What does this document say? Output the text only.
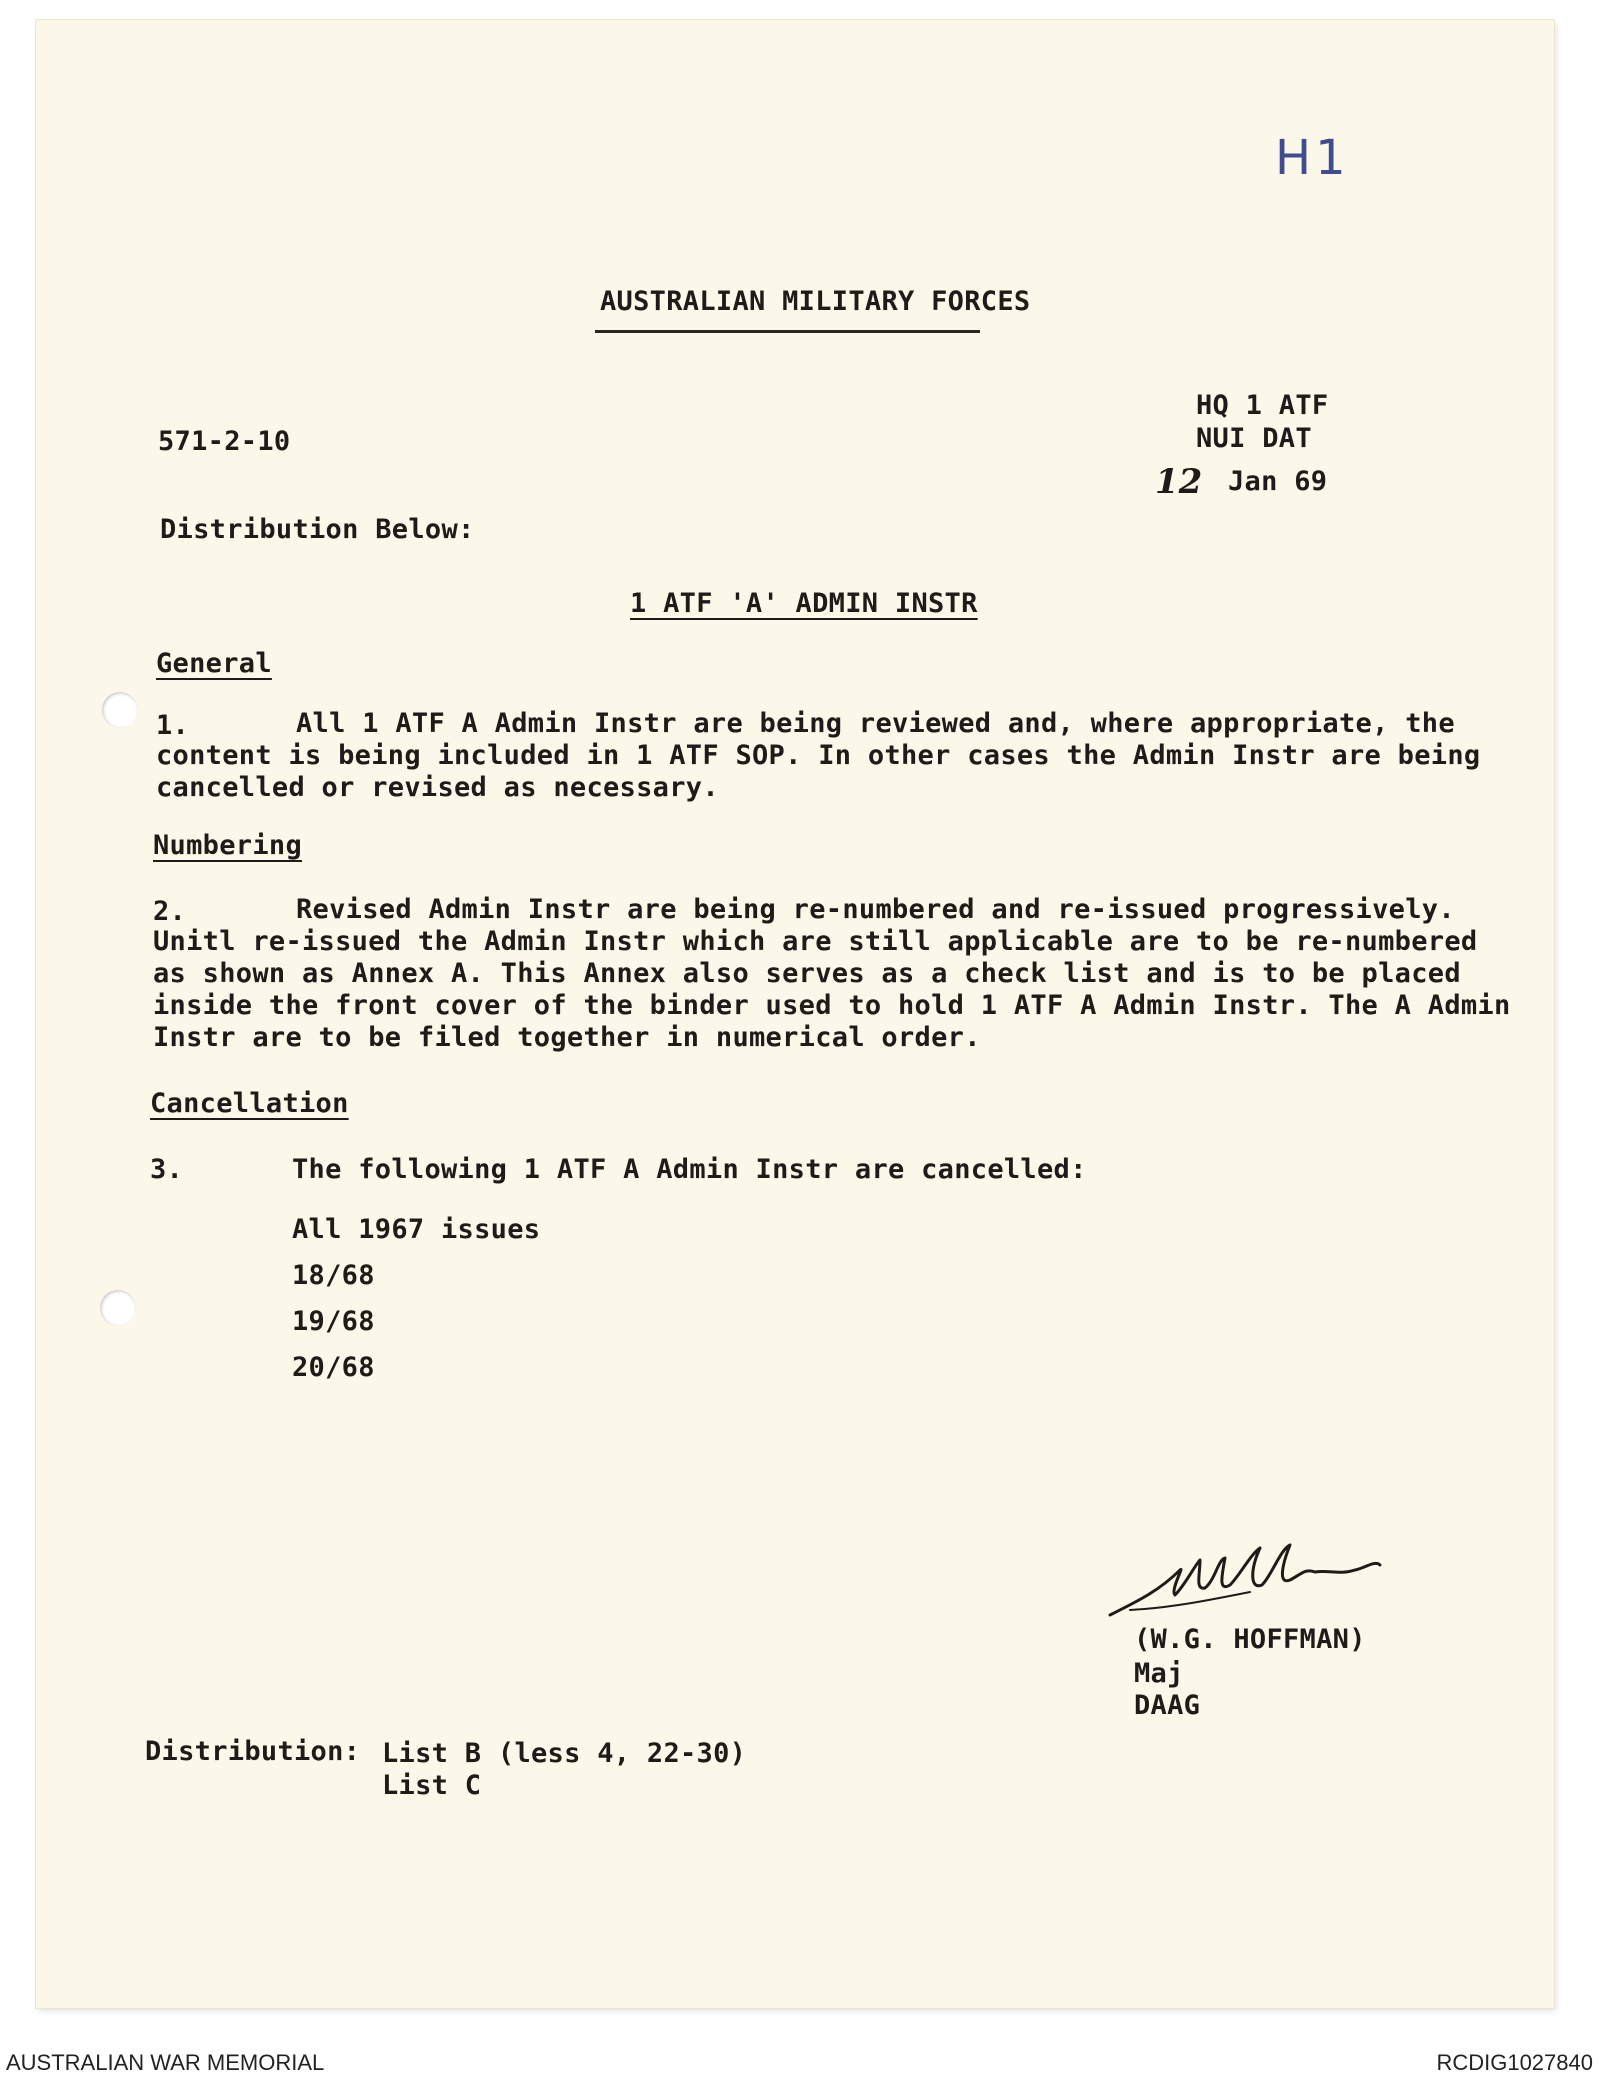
H1
AUSTRALIAN MILITARY FORCES
571-2-10
HQ 1 ATF
NUI DAT
12 Jan 69
Distribution Below:
1 ATF 'A' ADMIN INSTR
General
1.	All 1 ATF A Admin Instr are being reviewed and, where appropriate, the
content is being included in 1 ATF SOP. In other cases the Admin Instr are being
cancelled or revised as necessary.
Numbering
2.	Revised Admin Instr are being re-numbered and re-issued progressively.
Unitl re-issued the Admin Instr which are still applicable are to be re-numbered
as shown as Annex A. This Annex also serves as a check list and is to be placed
inside the front cover of the binder used to hold 1 ATF A Admin Instr. The A Admin
Instr are to be filed together in numerical order.
Cancellation
3.	The following 1 ATF A Admin Instr are cancelled:
All 1967 issues
18/68
19/68
20/68
(W.G. HOFFMAN)
Maj
DAAG
Distribution: List B (less 4, 22-30)
List C
AUSTRALIAN WAR MEMORIAL	RCDIG1027840
